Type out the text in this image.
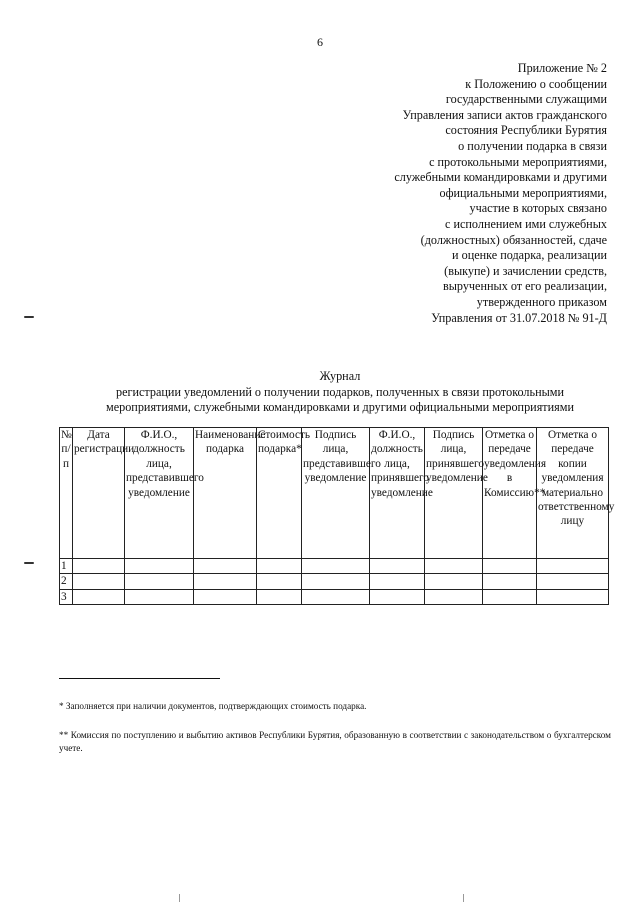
6
Приложение № 2
к Положению о сообщении
государственными служащими
Управления записи актов гражданского
состояния Республики Бурятия
о получении подарка в связи
с протокольными мероприятиями,
служебными командировками и другими
официальными мероприятиями,
участие в которых связано
с исполнением ими служебных
(должностных) обязанностей, сдаче
и оценке подарка, реализации
(выкупе) и зачислении средств,
вырученных от его реализации,
утвержденного приказом
Управления от 31.07.2018 № 91-Д
Журнал
регистрации уведомлений о получении подарков, полученных в связи протокольными
мероприятиями, служебными командировками и другими официальными мероприятиями
№ п/п	Дата регистрации	Ф.И.О., должность лица, представившего уведомление	Наименование подарка	Стоимость подарка*	Подпись лица, представившего уведомление	Ф.И.О., должность лица, принявшего уведомление	Подпись лица, принявшего уведомление	Отметка о передаче уведомления в Комиссию**	Отметка о передаче копии уведомления материально ответственному лицу
1									
2									
3									
* Заполняется при наличии документов, подтверждающих стоимость подарка.
** Комиссия по поступлению и выбытию активов Республики Бурятия, образованную в соответствии с законодательством о бухгалтерском учете.
